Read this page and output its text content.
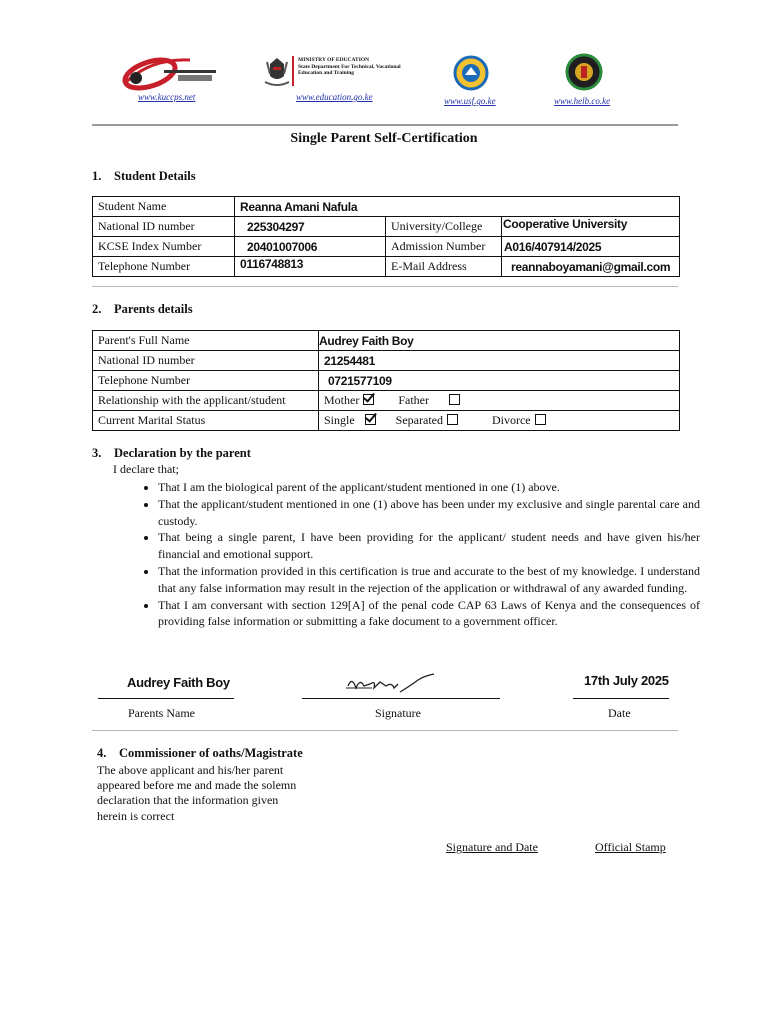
www.kuccps.net
MINISTRY OF EDUCATION
State Department For Technical, Vocational
Education and Training
www.education.go.ke	www.usf.go.ke	www.helb.co.ke
Single Parent Self-Certification
1. Student Details
Student Name	Reanna Amani Nafula		
National ID number	225304297	University/College	Cooperative University
KCSE Index Number	20401007006	Admission Number	A016/407914/2025
Telephone Number	0116748813	E-Mail Address	reannaboyamani@gmail.com
2. Parents details
Parent's Full Name	Audrey Faith Boy
National ID number	21254481
Telephone Number	0721577109
Relationship with the applicant/student	Mother Father
Current Marital Status	Single Separated Divorce
3. Declaration by the parent
I declare that;
• That I am the biological parent of the applicant/student mentioned in one (1) above.
• That the applicant/student mentioned in one (1) above has been under my exclusive and single parental care and custody.
• That being a single parent, I have been providing for the applicant/ student needs and have given his/her financial and emotional support.
• That the information provided in this certification is true and accurate to the best of my knowledge. I understand that any false information may result in the rejection of the application or withdrawal of any awarded funding.
• That I am conversant with section 129[A] of the penal code CAP 63 Laws of Kenya and the consequences of providing false information or submitting a fake document to a government officer.
Audrey Faith Boy
Parents Name	Signature
17th July 2025
Date
4. Commissioner of oaths/Magistrate
The above applicant and his/her parent
appeared before me and made the solemn
declaration that the information given
herein is correct
Signature and Date	Official Stamp
